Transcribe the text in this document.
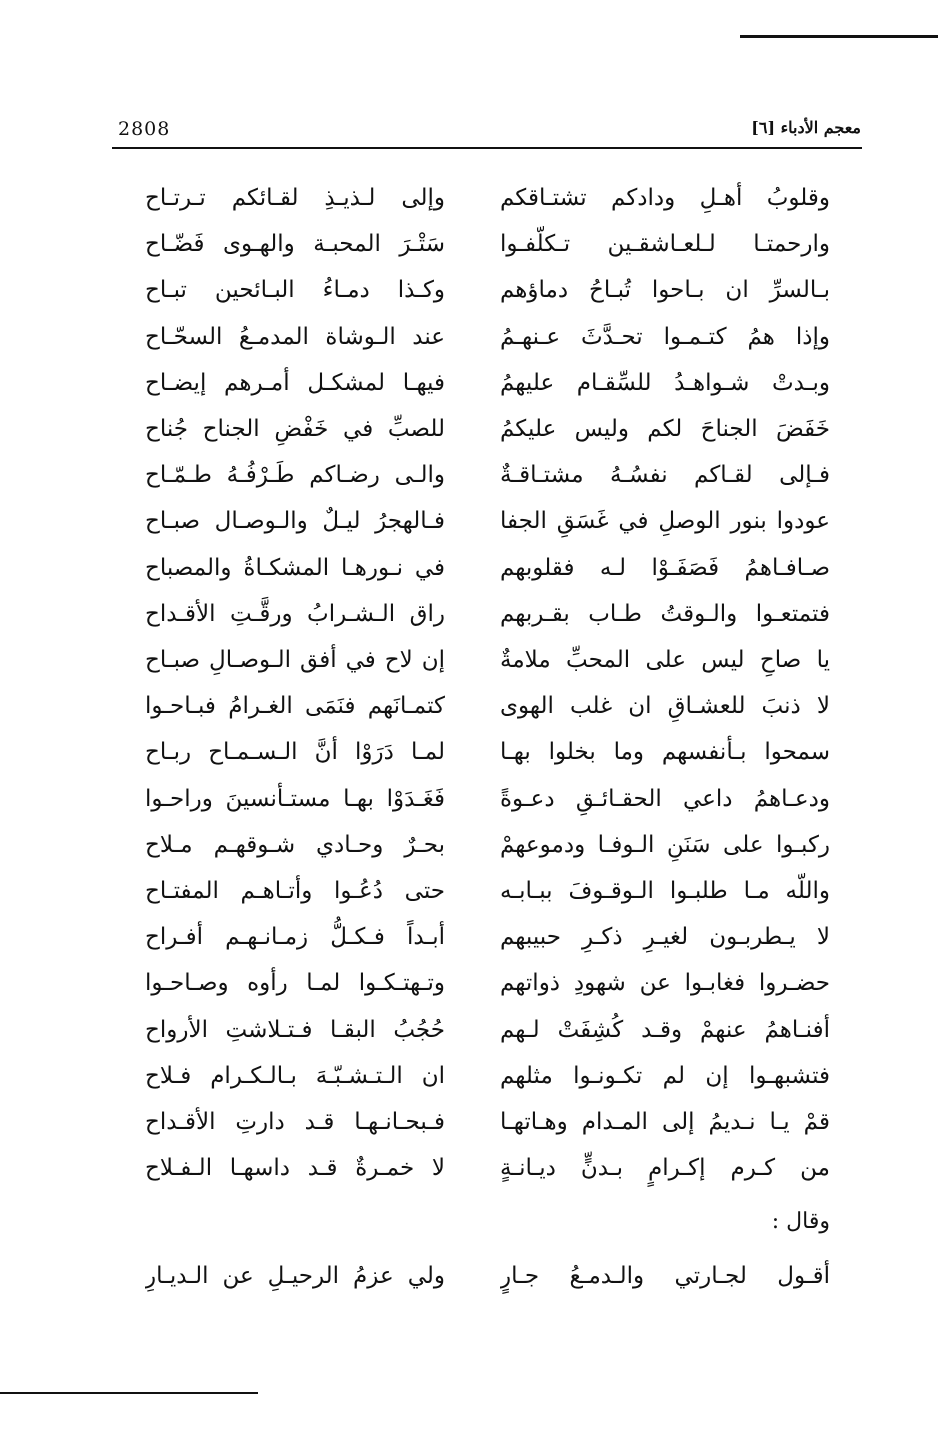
2808	معجم الأدباء [٦]
وقلوبُ أهـلِ ودادكم تشتـاقكم
وإلى لـذيـذِ لقـائكم تـرتـاح
وارحمتـا لـلعـاشقـين تـكلّفـوا
سَتْـرَ المحبـة والهـوى فَضّـاح
بـالسرِّ ان بـاحوا تُبـاحُ دماؤهم
وكـذا دمـاءُ البـائحين تبـاح
وإذا همُ كتـمـوا تحـدَّثَ عـنهـمُ
عند الـوشاة المدمـعُ السحّـاح
وبـدتْ شـواهـدُ للسِّقـام عليهمُ
فيهـا لمشكـل أمـرهم إيضـاح
خَفَضَ الجناحَ لكم وليس عليكمُ
للصبِّ في خَفْضِ الجناح جُناح
فـإلى لقـاكم نفسُـهُ مشتـاقـةٌ
والـى رضـاكم طَـرْفُـهُ طـمّـاح
عودوا بنور الوصلِ في غَسَقِ الجفا
فـالهجرُ ليـلٌ والـوصـال صبـاح
صـافـاهمُ فَصَفَـوْا لـه فقلوبهم
في نـورهـا المشكـاةُ والمصباح
فتمتعـوا والـوقتُ طـاب بقـربهم
راق الـشـرابُ ورقَّـتِ الأقـداح
يا صاحِ ليس على المحبِّ ملامةٌ
إن لاح في أفق الـوصـالِ صبـاح
لا ذنبَ للعشـاقِ ان غلب الهوى
كتمـانَهم فنَمَى الغـرامُ فبـاحـوا
سمحوا بـأنفسهم وما بخلوا بهـا
لمـا دَرَوْا أنَّ الـسـمـاح ربـاح
ودعـاهمُ داعي الحقـائـقِ دعـوةً
فَغَـدَوْا بهـا مستـأنسينَ وراحـوا
ركبـوا على سَنَنِ الـوفـا ودموعهمْ
بحـرٌ وحـادي شـوقهـم مـلاح
واللّه مـا طلبـوا الـوقـوفَ ببـابـه
حتى دُعُـوا وأتـاهـم المفتـاح
لا يـطربـون لغيـرِ ذكـرِ حبيبهم
أبـداً فـكـلُّ زمـانـهـم أفـراح
حضـروا فغابـوا عن شهودِ ذواتهم
وتـهتـكـوا لمـا رأوه وصـاحـوا
أفنـاهمُ عنهمْ وقـد كُشِفَتْ لـهم
حُجُبُ البقـا فـتـلاشتِ الأرواح
فتشبهـوا إن لم تكـونـوا مثلهم
ان الـتـشـبّـهَ بـالـكـرام فـلاح
قمْ يـا نـديمُ إلى المـدام وهـاتهـا
فـبحـانـهـا قـد دارتِ الأقـداح
من كـرم إكـرامٍ بـدنٍّ ديـانـةٍ
لا خمـرةٌ قـد داسهـا الـفـلاح
وقال :
أقـول لجـارتي والـدمـعُ جـارٍ
ولي عزمُ الرحيـلِ عن الـديـارِ
